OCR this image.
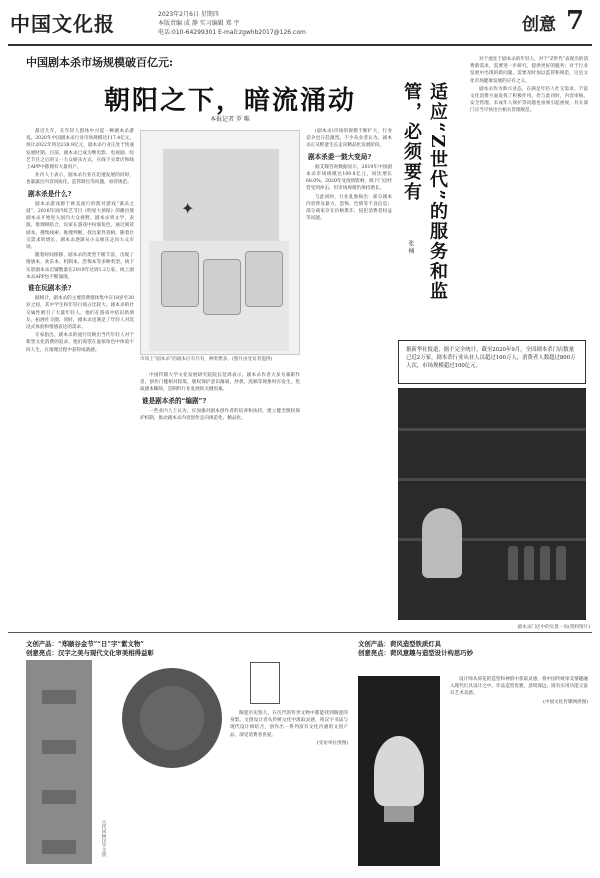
中国文化报	2023年2月6日 星期四
本版责编 成 静 实习编辑 郑 宇
电话:010-64299301 E-mail:zgwhb2017@126.com	创意 7
中国剧本杀市场规模破百亿元:
朝阳之下，暗流涌动
本报记者 罗 唯

最近几年，在年轻人群体中兴起一种剧本杀游戏。2020年中国剧本杀行业市场规模达117.4亿元，预计2022年将达238.9亿元，剧本杀行业正处于快速发展时期。目前，剧本杀已成为继电影、电视剧、综艺节目之后的又一大众娱乐方式，在线下实景店和线上APP中都拥有大量用户。

业内人士表示，剧本杀行业在迅速发展的同时，也暴露出内容同质化、监管缺位等问题，亟待规范。

剧本杀是什么?

剧本杀游戏源于欧美流行的派对游戏“谋杀之谜”。2016年国内综艺节目《明星大侦探》的播出使剧本杀开始进入国内大众视野。剧本杀将文学、表演、推理相结合，玩家在游戏中扮演角色，通过阅读剧本、搜集线索、推理判断，找出案件真相。随着社交需求的增长，剧本杀逐渐从小众娱乐走向大众市场。

随着时间推移，剧本杀的类型不断丰富，出现了情感本、欢乐本、机制本、恐怖本等多种类型。线下实景剧本杀店铺数量在2019年达到1.2万家，线上剧本杀APP也不断涌现。

谁在玩剧本杀?

据统计，剧本杀的主要消费群体集中在18岁至30岁之间，其中学生和年轻白领占比较大。剧本杀的社交属性吸引了大量年轻人，他们在游戏中结识新朋友，拓展社交圈。同时，剧本杀也满足了年轻人对沉浸式体验和情感表达的需求。

专家指出，剧本杀的流行反映出当代年轻人对于新型文化消费的追求，他们渴望在虚拟角色中体验不同人生，在推理过程中获得成就感。

✦
市场上“剧本杀”的剧本应有尽有，种类繁多。(图片由受访者提供)

(剧本杀)市场的规模不断扩大，行业竞争也日趋激烈。不少从业者认为，剧本杀正从野蛮生长走向精品化发展阶段。

剧本杀委一鼓大变局?

据艾媒咨询数据显示，2019年中国剧本杀市场规模达109.8亿元，同比增长68.0%。2020年受疫情影响，线下门店经营受到冲击，但市场规模仍保持增长。

与此同时，行业乱象频出：部分剧本内容涉及暴力、恐怖、色情等不良信息；部分商家存在价格欺诈、侵犯消费者权益等问题。

中国传媒大学文化发展研究院院长范周表示，剧本杀作者大多为兼职作者，创作门槛相对较低，版权保护意识薄弱，抄袭、洗稿等现象时有发生。优质剧本稀缺，是制约行业发展的关键因素。

谁是剧本杀的“编剧”?

一些业内人士认为，应加强对剧本创作者的培养和扶持，建立健全版权保护机制，推动剧本杀内容创作走向规范化、精品化。

适应“Z世代”的服务和监管，必须要有
张 楠

对于流连于剧本杀的年轻人，对于“Z世代”表现出的消费新需求，需要进一步研究，提供更好的服务；对于行业发展中出现的新问题，需要及时加以监管和规范，这是文化市场健康发展的应有之义。

剧本杀作为新兴业态，在满足年轻人社交需求、丰富文化消费方面发挥了积极作用。但与此同时，内容审核、安全管理、未成年人保护等问题也亟须引起重视，有关部门应当尽快出台相关管理规范。

据新华社报道，据不完全统计，截至2020年9月，全国剧本杀门店数量已近2万家。剧本杀行业从业人员超过100万人，消费者人数超过800万人次，市场规模超过100亿元。
剧本杀门店中的实景一角(资料图片)
文创产品：“郑颐谷金节”“日”字“紫文物”
创意亮点：汉字之美与现代文化审美相得益彰
古代风物汉字文创

陶瓷历史悠久，在历代的传世文物中都能找到陶瓷的身影。文创设计者从传统文化中汲取灵感，将汉字书法与现代设计相结合，创作出一系列富有文化内涵的文创产品，深受消费者喜爱。

(受访单位供图)

文创产品：荷风造型铁质灯具
创意亮点：荷风意趣与造型设计构思巧妙

设计师从荷花的造型和神韵中获取灵感，将中国传统审美情趣融入现代灯具设计之中，作品造型优雅，意境深远，既有实用功能又富有艺术美感。

(中国文化传媒网供图)
